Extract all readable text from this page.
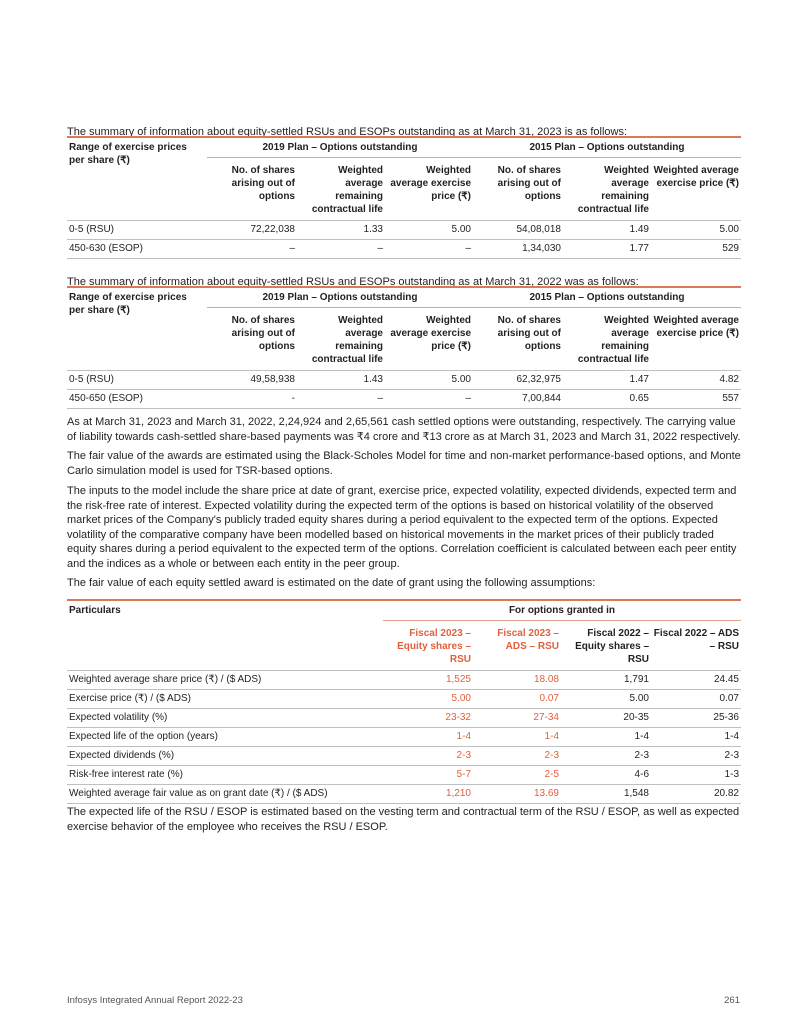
The summary of information about equity-settled RSUs and ESOPs outstanding as at March 31, 2023 is as follows:

Range of exercise prices per share (₹)	2019 Plan – Options outstanding			2015 Plan – Options outstanding		
	No. of shares arising out of options	Weighted average remaining contractual life	Weighted average exercise price (₹)	No. of shares arising out of options	Weighted average remaining contractual life	Weighted average exercise price (₹)
0-5 (RSU)	72,22,038	1.33	5.00	54,08,018	1.49	5.00
450-630 (ESOP)	–	–	–	1,34,030	1.77	529

The summary of information about equity-settled RSUs and ESOPs outstanding as at March 31, 2022 was as follows:

Range of exercise prices per share (₹)	2019 Plan – Options outstanding			2015 Plan – Options outstanding		
	No. of shares arising out of options	Weighted average remaining contractual life	Weighted average exercise price (₹)	No. of shares arising out of options	Weighted average remaining contractual life	Weighted average exercise price (₹)
0-5 (RSU)	49,58,938	1.43	5.00	62,32,975	1.47	4.82
450-650 (ESOP)	-	–	–	7,00,844	0.65	557

As at March 31, 2023 and March 31, 2022, 2,24,924 and 2,65,561 cash settled options were outstanding, respectively. The carrying value of liability towards cash-settled share-based payments was ₹4 crore and ₹13 crore as at March 31, 2023 and March 31, 2022 respectively.

The fair value of the awards are estimated using the Black-Scholes Model for time and non-market performance-based options, and Monte Carlo simulation model is used for TSR-based options.

The inputs to the model include the share price at date of grant, exercise price, expected volatility, expected dividends, expected term and the risk-free rate of interest. Expected volatility during the expected term of the options is based on historical volatility of the observed market prices of the Company's publicly traded equity shares during a period equivalent to the expected term of the options. Expected volatility of the comparative company have been modelled based on historical movements in the market prices of their publicly traded equity shares during a period equivalent to the expected term of the options. Correlation coefficient is calculated between each peer entity and the indices as a whole or between each entity in the peer group.

The fair value of each equity settled award is estimated on the date of grant using the following assumptions:

Particulars	For options granted in			
	Fiscal 2023 – Equity shares – RSU	Fiscal 2023 – ADS – RSU	Fiscal 2022 – Equity shares – RSU	Fiscal 2022 – ADS – RSU
Weighted average share price (₹) / ($ ADS)	1,525	18.08	1,791	24.45
Exercise price (₹) / ($ ADS)	5.00	0.07	5.00	0.07
Expected volatility (%)	23-32	27-34	20-35	25-36
Expected life of the option (years)	1-4	1-4	1-4	1-4
Expected dividends (%)	2-3	2-3	2-3	2-3
Risk-free interest rate (%)	5-7	2-5	4-6	1-3
Weighted average fair value as on grant date (₹) / ($ ADS)	1,210	13.69	1,548	20.82

The expected life of the RSU / ESOP is estimated based on the vesting term and contractual term of the RSU / ESOP, as well as expected exercise behavior of the employee who receives the RSU / ESOP.

Infosys Integrated Annual Report 2022-23	261
